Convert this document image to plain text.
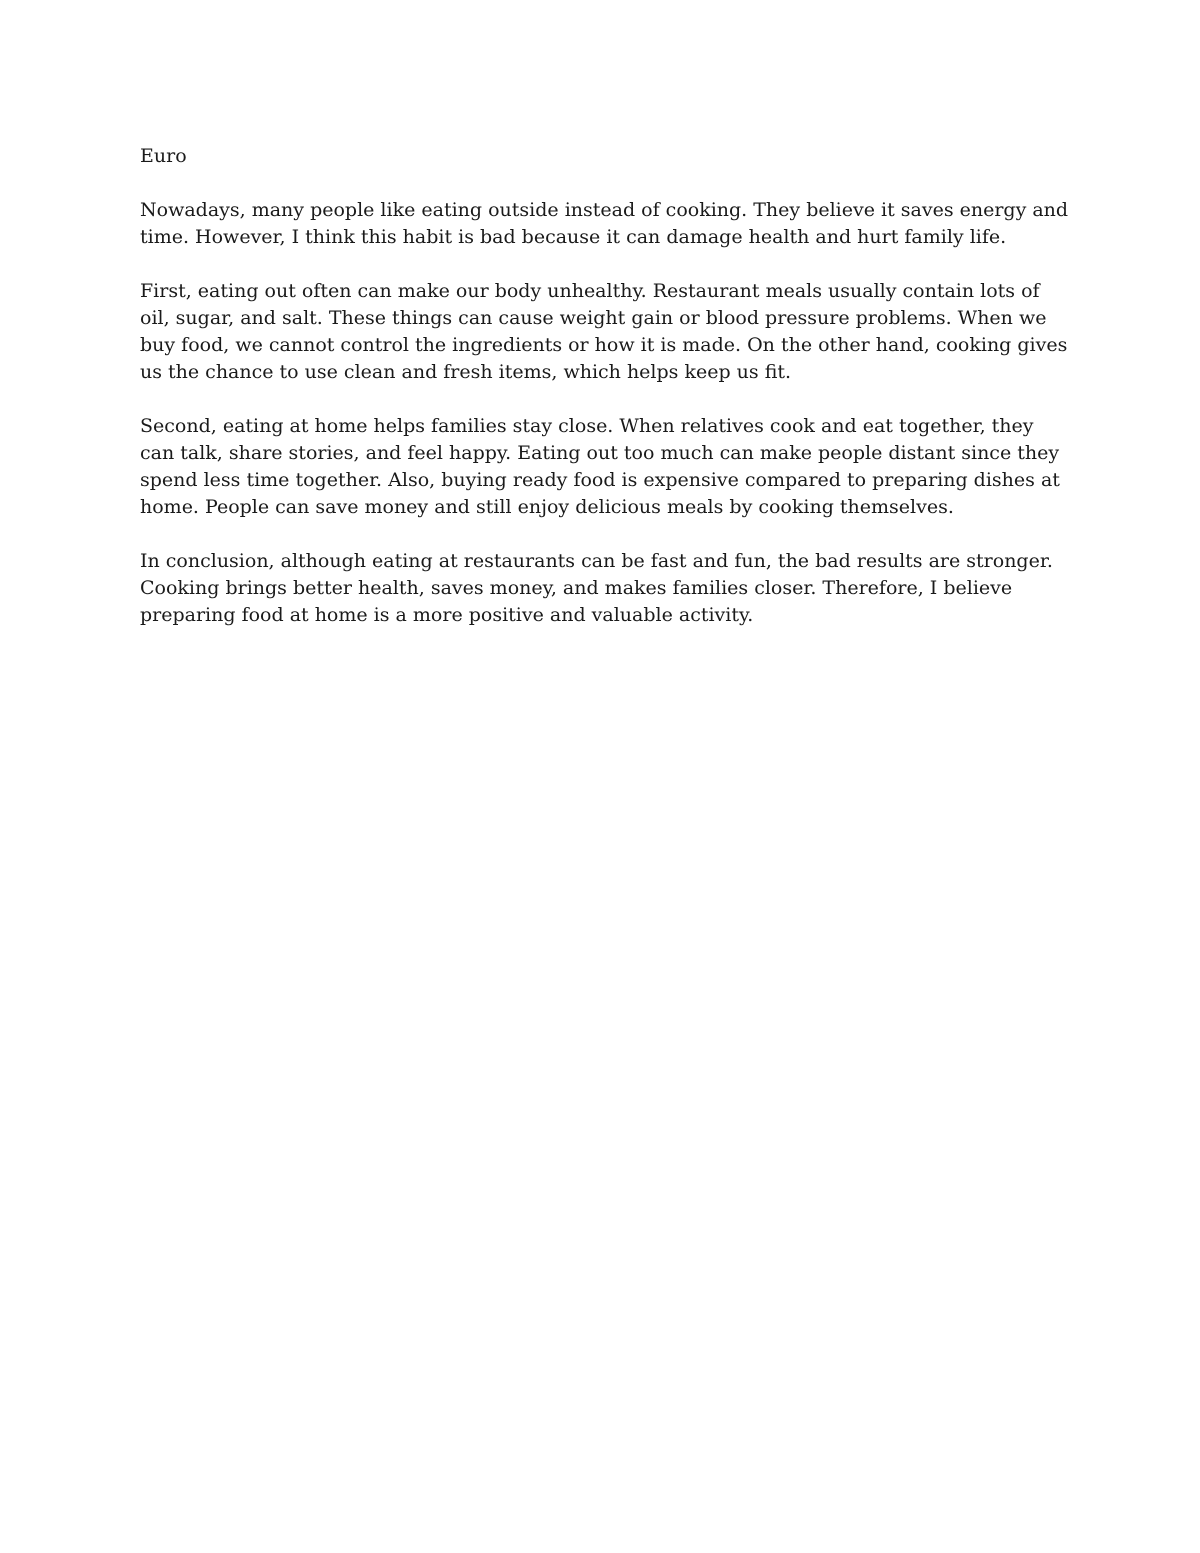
Euro

Nowadays, many people like eating outside instead of cooking. They believe it saves energy and time. However, I think this habit is bad because it can damage health and hurt family life.

First, eating out often can make our body unhealthy. Restaurant meals usually contain lots of oil, sugar, and salt. These things can cause weight gain or blood pressure problems. When we buy food, we cannot control the ingredients or how it is made. On the other hand, cooking gives us the chance to use clean and fresh items, which helps keep us fit.

Second, eating at home helps families stay close. When relatives cook and eat together, they can talk, share stories, and feel happy. Eating out too much can make people distant since they spend less time together. Also, buying ready food is expensive compared to preparing dishes at home. People can save money and still enjoy delicious meals by cooking themselves.

In conclusion, although eating at restaurants can be fast and fun, the bad results are stronger. Cooking brings better health, saves money, and makes families closer. Therefore, I believe preparing food at home is a more positive and valuable activity.
